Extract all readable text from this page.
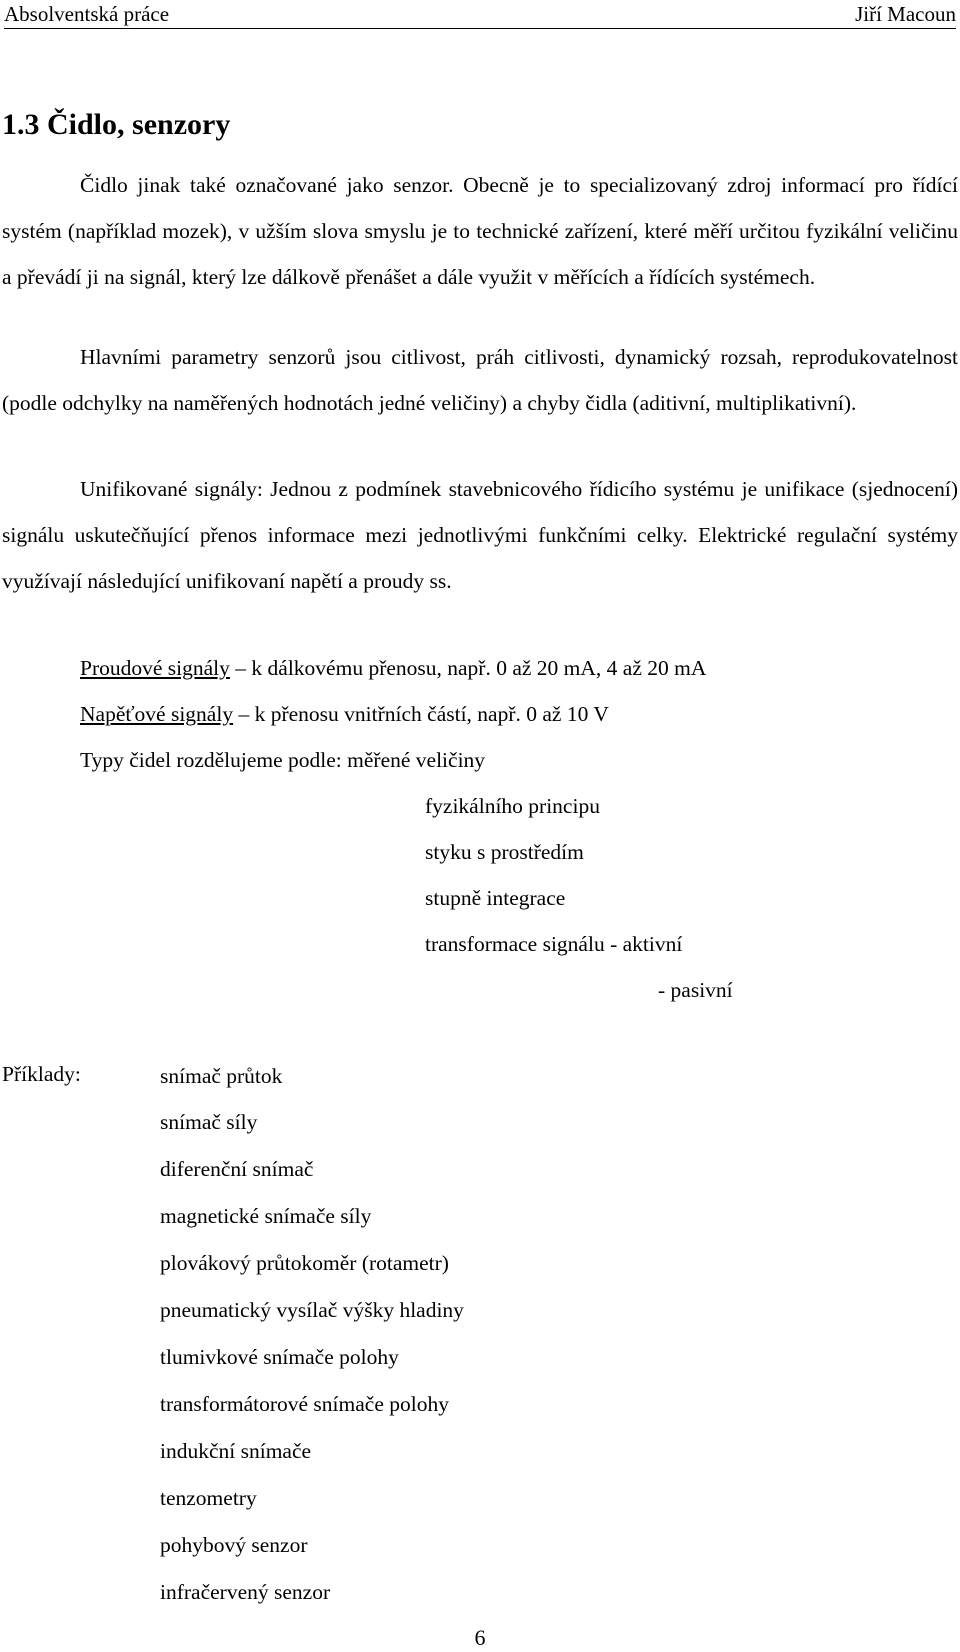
Absolventská práce	Jiří Macoun
1.3 Čidlo, senzory

Čidlo jinak také označované jako senzor. Obecně je to specializovaný zdroj informací pro řídící systém (například mozek), v užším slova smyslu je to technické zařízení, které měří určitou fyzikální veličinu a převádí ji na signál, který lze dálkově přenášet a dále využit v měřících a řídících systémech.

Hlavními parametry senzorů jsou citlivost, práh citlivosti, dynamický rozsah, reprodukovatelnost (podle odchylky na naměřených hodnotách jedné veličiny) a chyby čidla (aditivní, multiplikativní).

Unifikované signály: Jednou z podmínek stavebnicového řídicího systému je unifikace (sjednocení) signálu uskutečňující přenos informace mezi jednotlivými funkčními celky. Elektrické regulační systémy využívají následující unifikovaní napětí a proudy ss.

Proudové signály – k dálkovému přenosu, např. 0 až 20 mA, 4 až 20 mA
Napěťové signály – k přenosu vnitřních částí, např. 0 až 10 V
Typy čidel rozdělujeme podle: měřené veličiny
fyzikálního principu
styku s prostředím
stupně integrace
transformace signálu - aktivní
- pasivní
Příklady:	snímač průtok
snímač síly
diferenční snímač
magnetické snímače síly
plovákový průtokoměr (rotametr)
pneumatický vysílač výšky hladiny
tlumivkové snímače polohy
transformátorové snímače polohy
indukční snímače
tenzometry
pohybový senzor
infračervený senzor
6
